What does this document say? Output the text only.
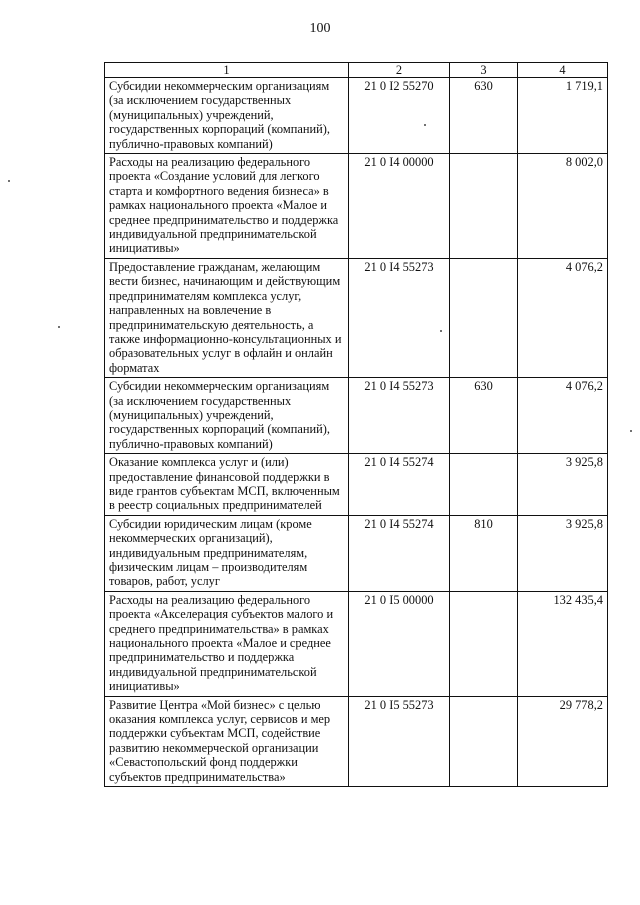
100
1	2	3	4
Субсидии некоммерческим организациям (за исключением государственных (муниципальных) учреждений, государственных корпораций (компаний), публично-правовых компаний)	21 0 I2 55270	630	1 719,1
Расходы на реализацию федерального проекта «Создание условий для легкого старта и комфортного ведения бизнеса» в рамках национального проекта «Малое и среднее предпринимательство и поддержка индивидуальной предпринимательской инициативы»	21 0 I4 00000		8 002,0
Предоставление гражданам, желающим вести бизнес, начинающим и действующим предпринимателям комплекса услуг, направленных на вовлечение в предпринимательскую деятельность, а также информационно-консультационных и образовательных услуг в офлайн и онлайн форматах	21 0 I4 55273		4 076,2
Субсидии некоммерческим организациям (за исключением государственных (муниципальных) учреждений, государственных корпораций (компаний), публично-правовых компаний)	21 0 I4 55273	630	4 076,2
Оказание комплекса услуг и (или) предоставление финансовой поддержки в виде грантов субъектам МСП, включенным в реестр социальных предпринимателей	21 0 I4 55274		3 925,8
Субсидии юридическим лицам (кроме некоммерческих организаций), индивидуальным предпринимателям, физическим лицам – производителям товаров, работ, услуг	21 0 I4 55274	810	3 925,8
Расходы на реализацию федерального проекта «Акселерация субъектов малого и среднего предпринимательства» в рамках национального проекта «Малое и среднее предпринимательство и поддержка индивидуальной предпринимательской инициативы»	21 0 I5 00000		132 435,4
Развитие Центра «Мой бизнес» с целью оказания комплекса услуг, сервисов и мер поддержки субъектам МСП, содействие развитию некоммерческой организации «Севастопольский фонд поддержки субъектов предпринимательства»	21 0 I5 55273		29 778,2
